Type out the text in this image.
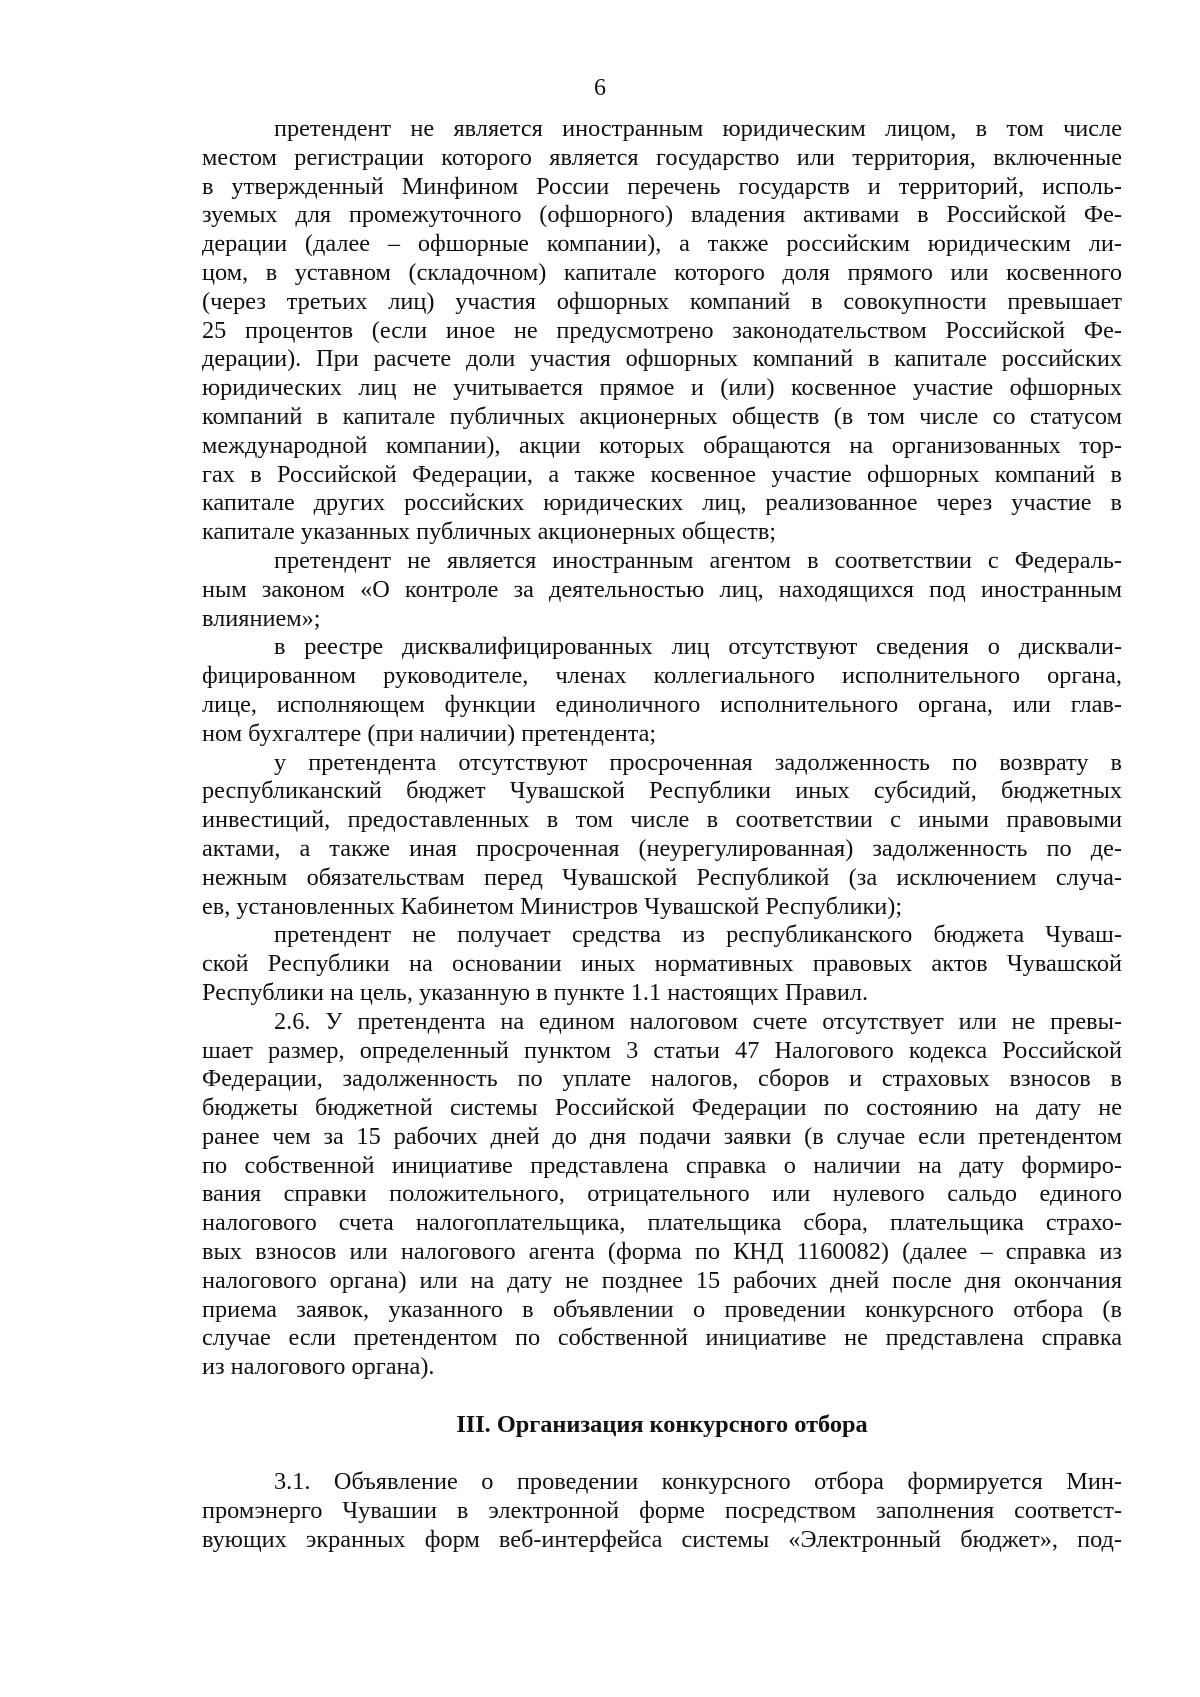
6
претендент не является иностранным юридическим лицом, в том числе
местом регистрации которого является государство или территория, включенные
в утвержденный Минфином России перечень государств и территорий, исполь-
зуемых для промежуточного (офшорного) владения активами в Российской Фе-
дерации (далее – офшорные компании), а также российским юридическим ли-
цом, в уставном (складочном) капитале которого доля прямого или косвенного
(через третьих лиц) участия офшорных компаний в совокупности превышает
25 процентов (если иное не предусмотрено законодательством Российской Фе-
дерации). При расчете доли участия офшорных компаний в капитале российских
юридических лиц не учитывается прямое и (или) косвенное участие офшорных
компаний в капитале публичных акционерных обществ (в том числе со статусом
международной компании), акции которых обращаются на организованных тор-
гах в Российской Федерации, а также косвенное участие офшорных компаний в
капитале других российских юридических лиц, реализованное через участие в
капитале указанных публичных акционерных обществ;
претендент не является иностранным агентом в соответствии с Федераль-
ным законом «О контроле за деятельностью лиц, находящихся под иностранным
влиянием»;
в реестре дисквалифицированных лиц отсутствуют сведения о дисквали-
фицированном руководителе, членах коллегиального исполнительного органа,
лице, исполняющем функции единоличного исполнительного органа, или глав-
ном бухгалтере (при наличии) претендента;
у претендента отсутствуют просроченная задолженность по возврату в
республиканский бюджет Чувашской Республики иных субсидий, бюджетных
инвестиций, предоставленных в том числе в соответствии с иными правовыми
актами, а также иная просроченная (неурегулированная) задолженность по де-
нежным обязательствам перед Чувашской Республикой (за исключением случа-
ев, установленных Кабинетом Министров Чувашской Республики);
претендент не получает средства из республиканского бюджета Чуваш-
ской Республики на основании иных нормативных правовых актов Чувашской
Республики на цель, указанную в пункте 1.1 настоящих Правил.
2.6. У претендента на едином налоговом счете отсутствует или не превы-
шает размер, определенный пунктом 3 статьи 47 Налогового кодекса Российской
Федерации, задолженность по уплате налогов, сборов и страховых взносов в
бюджеты бюджетной системы Российской Федерации по состоянию на дату не
ранее чем за 15 рабочих дней до дня подачи заявки (в случае если претендентом
по собственной инициативе представлена справка о наличии на дату формиро-
вания справки положительного, отрицательного или нулевого сальдо единого
налогового счета налогоплательщика, плательщика сбора, плательщика страхо-
вых взносов или налогового агента (форма по КНД 1160082) (далее – справка из
налогового органа) или на дату не позднее 15 рабочих дней после дня окончания
приема заявок, указанного в объявлении о проведении конкурсного отбора (в
случае если претендентом по собственной инициативе не представлена справка
из налогового органа).
III. Организация конкурсного отбора
3.1. Объявление о проведении конкурсного отбора формируется Мин-
промэнерго Чувашии в электронной форме посредством заполнения соответст-
вующих экранных форм веб-интерфейса системы «Электронный бюджет», под-
